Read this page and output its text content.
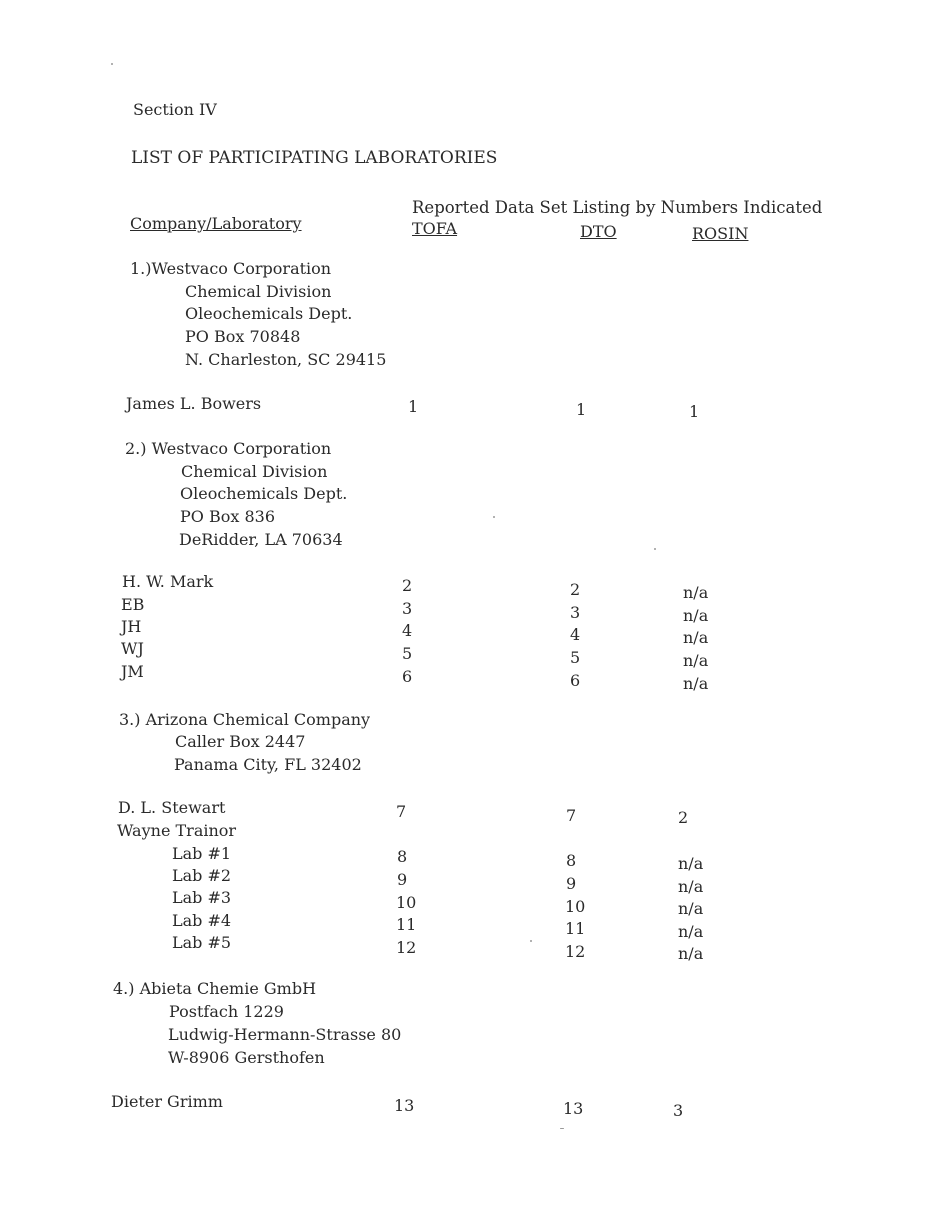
Section IV
LIST OF PARTICIPATING LABORATORIES
Reported Data Set Listing by Numbers Indicated
Company/Laboratory	TOFA	DTO	ROSIN
1.)Westvaco Corporation
Chemical Division
Oleochemicals Dept.
PO Box 70848
N. Charleston, SC 29415
James L. Bowers	1	1	1
2.) Westvaco Corporation
Chemical Division
Oleochemicals Dept.
PO Box 836
DeRidder, LA 70634
H. W. Mark	2	2	n/a
EB	3	3	n/a
JH	4	4	n/a
WJ	5	5	n/a
JM	6	6	n/a
3.) Arizona Chemical Company
Caller Box 2447
Panama City, FL 32402
D. L. Stewart	7	7	2
Wayne Trainor
Lab #1	8	8	n/a
Lab #2	9	9	n/a
Lab #3	10	10	n/a
Lab #4	11	11	n/a
Lab #5	12	12	n/a
4.) Abieta Chemie GmbH
Postfach 1229
Ludwig-Hermann-Strasse 80
W-8906 Gersthofen
Dieter Grimm	13	13	3
